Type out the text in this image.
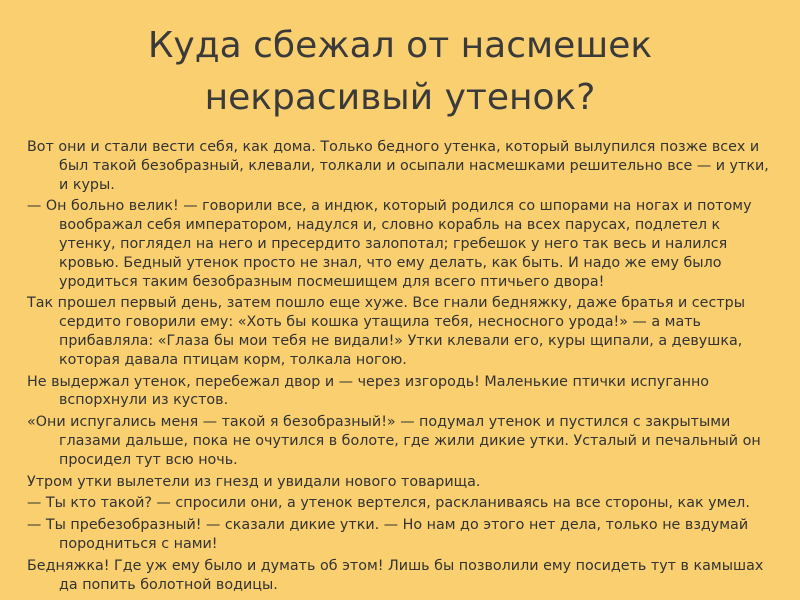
Куда сбежал от насмешек
некрасивый утенок?

Вот они и стали вести себя, как дома. Только бедного утенка, который вылупился позже всех и был такой безобразный, клевали, толкали и осыпали насмешками решительно все — и утки, и куры.

— Он больно велик! — говорили все, а индюк, который родился со шпорами на ногах и потому воображал себя императором, надулся и, словно корабль на всех парусах, подлетел к утенку, поглядел на него и пресердито залопотал; гребешок у него так весь и налился кровью. Бедный утенок просто не знал, что ему делать, как быть. И надо же ему было уродиться таким безобразным посмешищем для всего птичьего двора!

Так прошел первый день, затем пошло еще хуже. Все гнали бедняжку, даже братья и сестры сердито говорили ему: «Хоть бы кошка утащила тебя, несносного урода!» — а мать прибавляла: «Глаза бы мои тебя не видали!» Утки клевали его, куры щипали, а девушка, которая давала птицам корм, толкала ногою.

Не выдержал утенок, перебежал двор и — через изгородь! Маленькие птички испуганно вспорхнули из кустов.

«Они испугались меня — такой я безобразный!» — подумал утенок и пустился с закрытыми глазами дальше, пока не очутился в болоте, где жили дикие утки. Усталый и печальный он просидел тут всю ночь.

Утром утки вылетели из гнезд и увидали нового товарища.

— Ты кто такой? — спросили они, а утенок вертелся, раскланиваясь на все стороны, как умел.

— Ты пребезобразный! — сказали дикие утки. — Но нам до этого нет дела, только не вздумай породниться с нами!

Бедняжка! Где уж ему было и думать об этом! Лишь бы позволили ему посидеть тут в камышах да попить болотной водицы.
